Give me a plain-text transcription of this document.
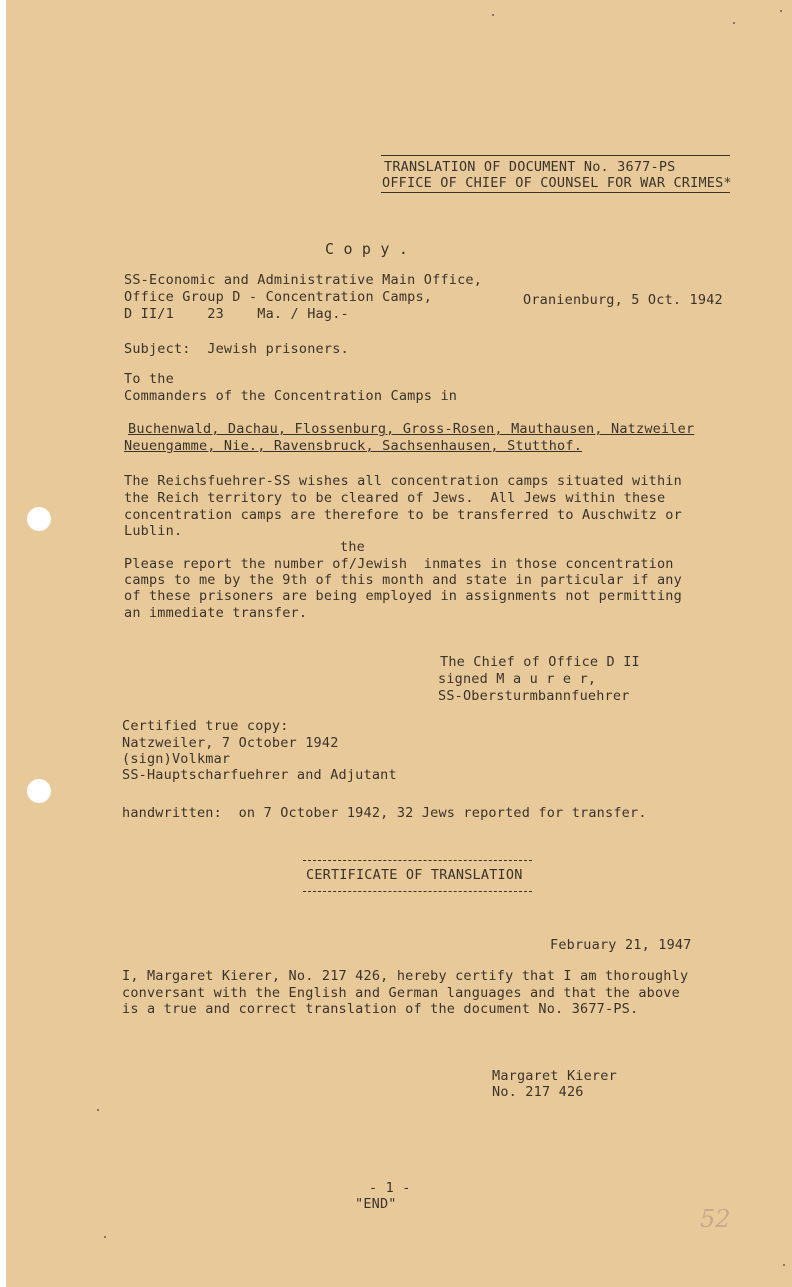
TRANSLATION OF DOCUMENT No. 3677-PS
OFFICE OF CHIEF OF COUNSEL FOR WAR CRIMES*
C o p y .
SS-Economic and Administrative Main Office,
Office Group D - Concentration Camps,
D II/1    23    Ma. / Hag.-
Oranienburg, 5 Oct. 1942
Subject:  Jewish prisoners.
To the
Commanders of the Concentration Camps in
Buchenwald, Dachau, Flossenburg, Gross-Rosen, Mauthausen, Natzweiler
Neuengamme, Nie., Ravensbruck, Sachsenhausen, Stutthof.
The Reichsfuehrer-SS wishes all concentration camps situated within
the Reich territory to be cleared of Jews.  All Jews within these
concentration camps are therefore to be transferred to Auschwitz or
Lublin.
the
Please report the number of/Jewish  inmates in those concentration
camps to me by the 9th of this month and state in particular if any
of these prisoners are being employed in assignments not permitting
an immediate transfer.
The Chief of Office D II
signed M a u r e r,
SS-Obersturmbannfuehrer
Certified true copy:
Natzweiler, 7 October 1942
(sign)Volkmar
SS-Hauptscharfuehrer and Adjutant
handwritten:  on 7 October 1942, 32 Jews reported for transfer.
CERTIFICATE OF TRANSLATION
February 21, 1947
I, Margaret Kierer, No. 217 426, hereby certify that I am thoroughly
conversant with the English and German languages and that the above
is a true and correct translation of the document No. 3677-PS.
Margaret Kierer
No. 217 426
- 1 -
"END"
52
